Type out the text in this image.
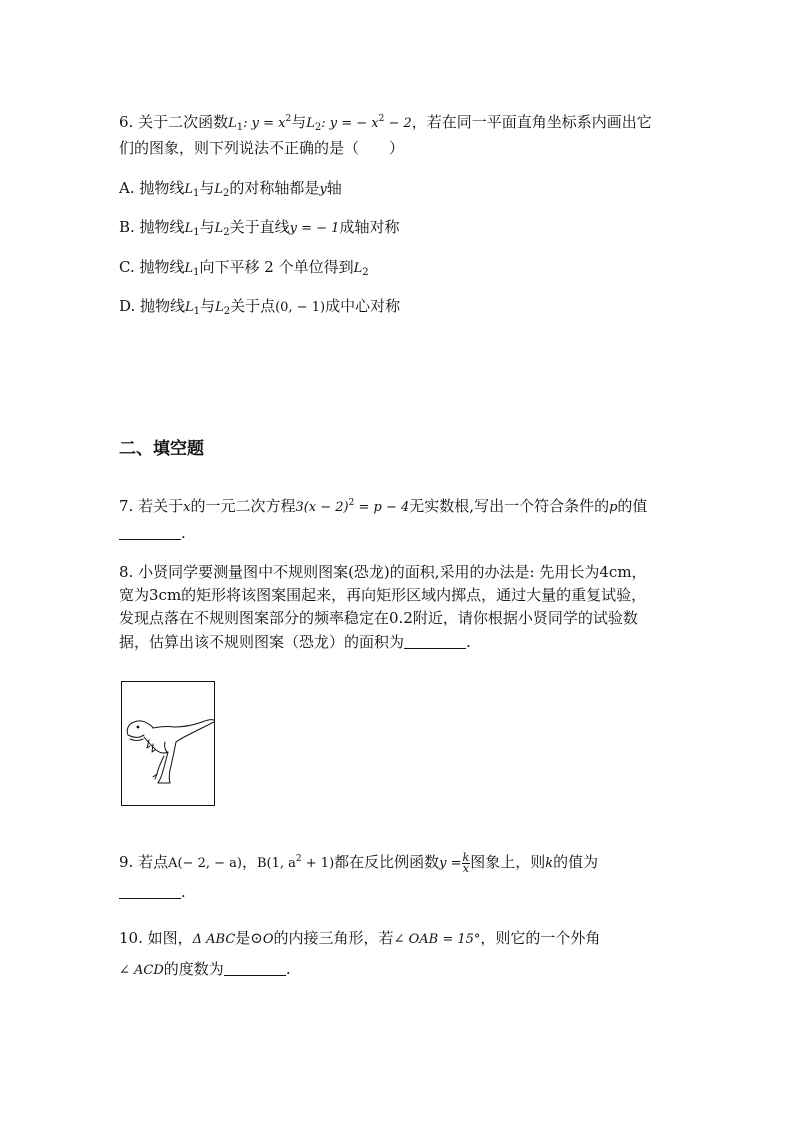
6. 关于二次函数$L_1$: $y = x^2$与$L_2$: y = − $x^2 - 2$，若在同一平面直角坐标系内画出它
们的图象，则下列说法不正确的是（　　）
A. 抛物线$L_1$与$L_2$的对称轴都是y轴
B. 抛物线$L_1$与$L_2$关于直线y = − 1成轴对称
C. 抛物线$L_1$向下平移 2 个单位得到$L_2$
D. 抛物线$L_1$与$L_2$关于点(0, − 1)成中心对称
二、填空题
7. 若关于x的一元二次方程$3(x - 2)^2 = p - 4$无实数根,写出一个符合条件的p的值
.
8. 小贤同学要测量图中不规则图案(恐龙)的面积,采用的办法是: 先用长为4cm，
宽为3cm的矩形将该图案围起来，再向矩形区域内掷点，通过大量的重复试验，
发现点落在不规则图案部分的频率稳定在0.2附近，请你根据小贤同学的试验数
据，估算出该不规则图案（恐龙）的面积为	.
9. 若点A(− 2, − a)，B(1, $a^2 + 1$)都在反比例函数$y = \frac{k}{x}$ 图象上，则k的值为
.
10. 如图，Δ ABC是⊙O的内接三角形，若∠ OAB = 15°，则它的一个外角
∠ ACD的度数为	.
